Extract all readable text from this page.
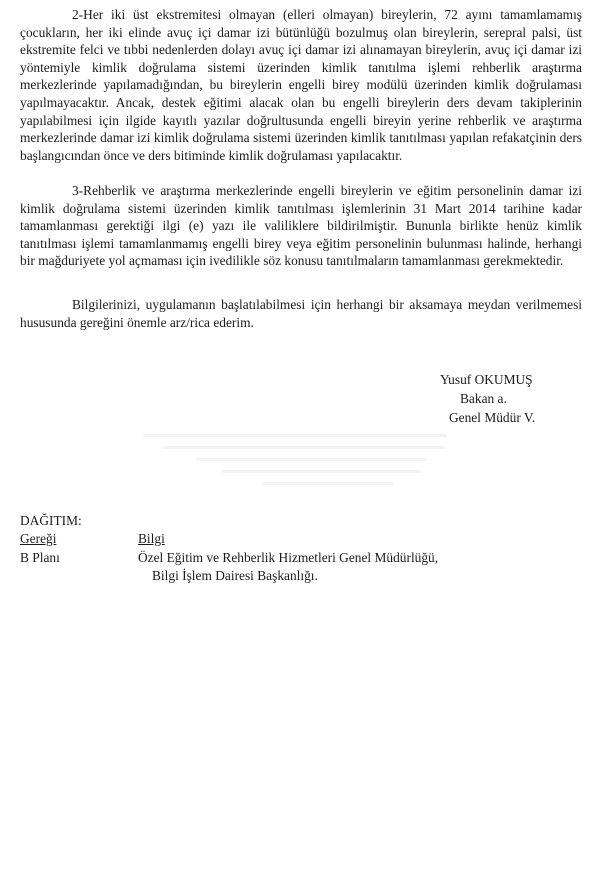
2-Her iki üst ekstremitesi olmayan (elleri olmayan) bireylerin, 72 ayını tamamlamamış çocukların, her iki elinde avuç içi damar izi bütünlüğü bozulmuş olan bireylerin, serepral palsi, üst ekstremite felci ve tıbbi nedenlerden dolayı avuç içi damar izi alınamayan bireylerin, avuç içi damar izi yöntemiyle kimlik doğrulama sistemi üzerinden kimlik tanıtılma işlemi rehberlik araştırma merkezlerinde yapılamadığından, bu bireylerin engelli birey modülü üzerinden kimlik doğrulaması yapılmayacaktır. Ancak, destek eğitimi alacak olan bu engelli bireylerin ders devam takiplerinin yapılabilmesi için ilgide kayıtlı yazılar doğrultusunda engelli bireyin yerine rehberlik ve araştırma merkezlerinde damar izi kimlik doğrulama sistemi üzerinden kimlik tanıtılması yapılan refakatçinin ders başlangıcından önce ve ders bitiminde kimlik doğrulaması yapılacaktır.

3-Rehberlik ve araştırma merkezlerinde engelli bireylerin ve eğitim personelinin damar izi kimlik doğrulama sistemi üzerinden kimlik tanıtılması işlemlerinin 31 Mart 2014 tarihine kadar tamamlanması gerektiği ilgi (e) yazı ile valiliklere bildirilmiştir. Bununla birlikte henüz kimlik tanıtılması işlemi tamamlanmamış engelli birey veya eğitim personelinin bulunması halinde, herhangi bir mağduriyete yol açmaması için ivedilikle söz konusu tanıtılmaların tamamlanması gerekmektedir.

Bilgilerinizi, uygulamanın başlatılabilmesi için herhangi bir aksamaya meydan verilmemesi hususunda gereğini önemle arz/rica ederim.

Yusuf OKUMUŞ
Bakan a.
Genel Müdür V.
DAĞITIM:
Gereği	Bilgi
B Planı	Özel Eğitim ve Rehberlik Hizmetleri Genel Müdürlüğü,
Bilgi İşlem Dairesi Başkanlığı.
